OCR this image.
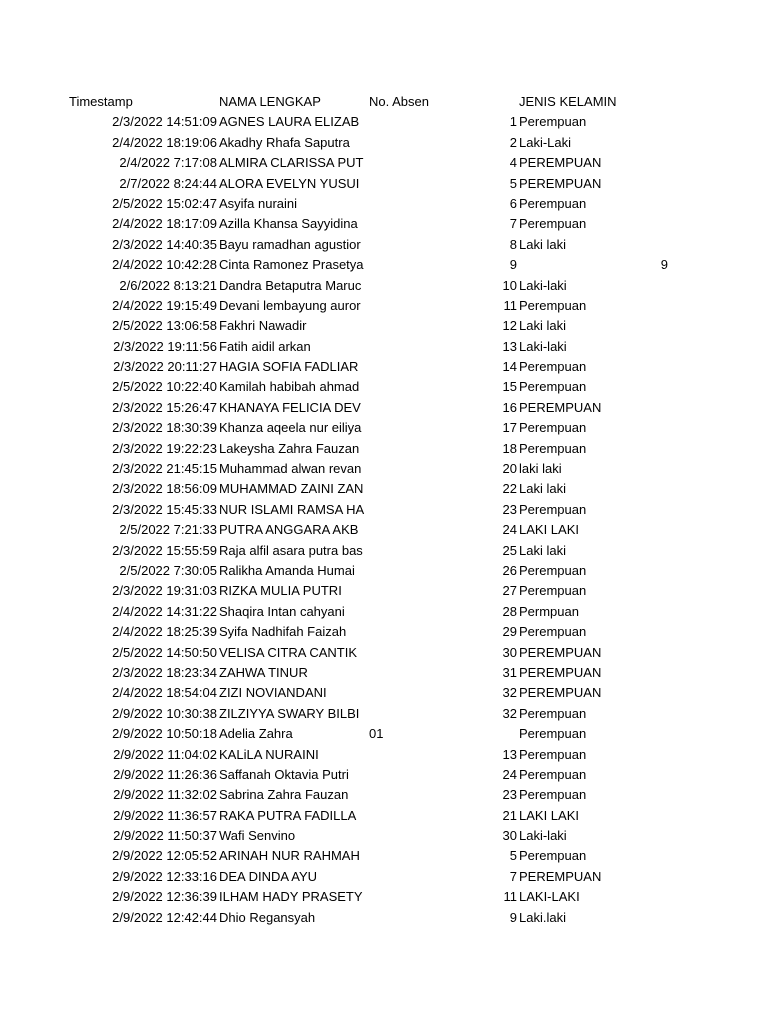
Timestamp	NAMA LENGKAP	No. Absen	JENIS KELAMIN
2/3/2022 14:51:09 AGNES LAURA ELIZAB	1 Perempuan
2/4/2022 18:19:06 Akadhy Rhafa Saputra	2 Laki-Laki
2/4/2022 7:17:08 ALMIRA CLARISSA PUT	4 PEREMPUAN
2/7/2022 8:24:44 ALORA EVELYN YUSUI	5 PEREMPUAN
2/5/2022 15:02:47 Asyifa nuraini	6 Perempuan
2/4/2022 18:17:09 Azilla Khansa Sayyidina	7 Perempuan
2/3/2022 14:40:35 Bayu ramadhan agustior	8 Laki laki
2/4/2022 10:42:28 Cinta Ramonez Prasetya	9	9
2/6/2022 8:13:21 Dandra Betaputra Maruc	10 Laki-laki
2/4/2022 19:15:49 Devani lembayung auror	11 Perempuan
2/5/2022 13:06:58 Fakhri Nawadir	12 Laki laki
2/3/2022 19:11:56 Fatih aidil arkan	13 Laki-laki
2/3/2022 20:11:27 HAGIA SOFIA FADLIAR	14 Perempuan
2/5/2022 10:22:40 Kamilah habibah ahmad	15 Perempuan
2/3/2022 15:26:47 KHANAYA FELICIA DEV	16 PEREMPUAN
2/3/2022 18:30:39 Khanza aqeela nur eiliya	17 Perempuan
2/3/2022 19:22:23 Lakeysha Zahra Fauzan	18 Perempuan
2/3/2022 21:45:15 Muhammad alwan revan	20 laki laki
2/3/2022 18:56:09 MUHAMMAD ZAINI ZAN	22 Laki laki
2/3/2022 15:45:33 NUR ISLAMI RAMSA HA	23 Perempuan
2/5/2022 7:21:33 PUTRA ANGGARA AKB	24 LAKI LAKI
2/3/2022 15:55:59 Raja alfil asara putra bas	25 Laki laki
2/5/2022 7:30:05 Ralikha Amanda Humai	26 Perempuan
2/3/2022 19:31:03 RIZKA MULIA PUTRI	27 Perempuan
2/4/2022 14:31:22 Shaqira Intan cahyani	28 Permpuan
2/4/2022 18:25:39 Syifa Nadhifah Faizah	29 Perempuan
2/5/2022 14:50:50 VELISA CITRA CANTIK	30 PEREMPUAN
2/3/2022 18:23:34 ZAHWA TINUR	31 PEREMPUAN
2/4/2022 18:54:04 ZIZI NOVIANDANI	32 PEREMPUAN
2/9/2022 10:30:38 ZILZIYYA SWARY BILBI	32 Perempuan
2/9/2022 10:50:18 Adelia Zahra	01	Perempuan
2/9/2022 11:04:02 KALiLA NURAINI	13 Perempuan
2/9/2022 11:26:36 Saffanah Oktavia Putri	24 Perempuan
2/9/2022 11:32:02 Sabrina Zahra Fauzan	23 Perempuan
2/9/2022 11:36:57 RAKA PUTRA FADILLA	21 LAKI LAKI
2/9/2022 11:50:37 Wafi Senvino	30 Laki-laki
2/9/2022 12:05:52 ARINAH NUR RAHMAH	5 Perempuan
2/9/2022 12:33:16 DEA DINDA AYU	7 PEREMPUAN
2/9/2022 12:36:39 ILHAM HADY PRASETY	11 LAKI-LAKI
2/9/2022 12:42:44 Dhio Regansyah	9 Laki.laki
